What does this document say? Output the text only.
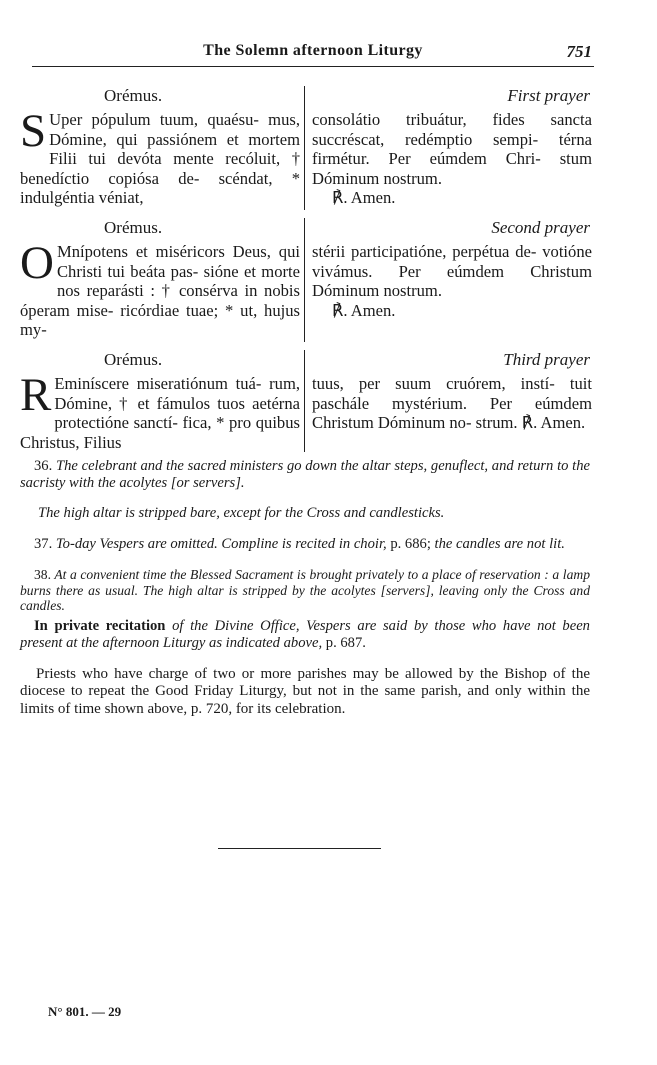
The Solemn afternoon Liturgy	751
Orémus.

S Uper pópulum tuum, quaésu- mus, Dómine, qui passiónem et mortem Filii tui devóta mente recóluit, † benedíctio copiósa de- scéndat, * indulgéntia véniat,

First prayer

consolátio tribuátur, fides sancta succréscat, redémptio sempi- térna firmétur. Per eúmdem Chri- stum Dóminum nostrum.

℟. Amen.

Orémus.

O Mnípotens et miséricors Deus, qui Christi tui beáta pas- sióne et morte nos reparásti : † consérva in nobis óperam mise- ricórdiae tuae; * ut, hujus my-

Second prayer

stérii participatióne, perpétua de- votióne vivámus. Per eúmdem Christum Dóminum nostrum.

℟. Amen.

Orémus.

R Eminíscere miseratiónum tuá- rum, Dómine, † et fámulos tuos aetérna protectióne sanctí- fica, * pro quibus Christus, Filius

Third prayer

tuus, per suum cruórem, instí- tuit paschále mystérium. Per eúmdem Christum Dóminum no- strum. ℟. Amen.

36. The celebrant and the sacred ministers go down the altar steps, genuflect, and return to the sacristy with the acolytes [or servers].

The high altar is stripped bare, except for the Cross and candlesticks.

37. To-day Vespers are omitted. Compline is recited in choir, p. 686; the candles are not lit.

38. At a convenient time the Blessed Sacrament is brought privately to a place of reservation : a lamp burns there as usual. The high altar is stripped by the acolytes [servers], leaving only the Cross and candles.

In private recitation of the Divine Office, Vespers are said by those who have not been present at the afternoon Liturgy as indicated above, p. 687.

Priests who have charge of two or more parishes may be allowed by the Bishop of the diocese to repeat the Good Friday Liturgy, but not in the same parish, and only within the limits of time shown above, p. 720, for its celebration.

N° 801. — 29
